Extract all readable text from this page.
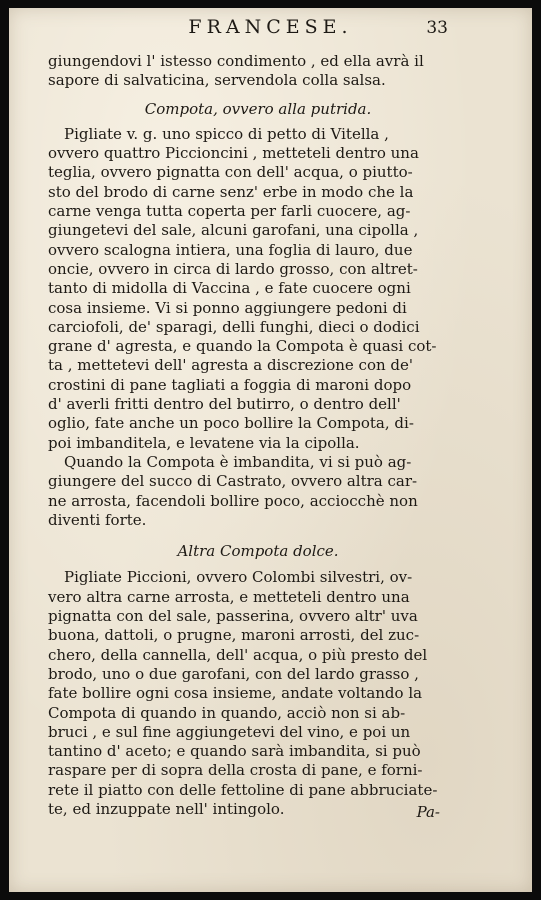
FRANCESE.	33
giungendovi l' istesso condimento , ed ella avrà il
sapore di salvaticina, servendola colla salsa.
Compota, ovvero alla putrida.
Pigliate v. g. uno spicco di petto di Vitella ,
ovvero quattro Piccioncini , metteteli dentro una
teglia, ovvero pignatta con dell' acqua, o piutto-
sto del brodo di carne senz' erbe in modo che la
carne venga tutta coperta per farli cuocere, ag-
giungetevi del sale, alcuni garofani, una cipolla ,
ovvero scalogna intiera, una foglia di lauro, due
oncie, ovvero in circa di lardo grosso, con altret-
tanto di midolla di Vaccina , e fate cuocere ogni
cosa insieme. Vi si ponno aggiungere pedoni di
carciofoli, de' sparagi, delli funghi, dieci o dodici
grane d' agresta, e quando la Compota è quasi cot-
ta , mettetevi dell' agresta a discrezione con de'
crostini di pane tagliati a foggia di maroni dopo
d' averli fritti dentro del butirro, o dentro dell'
oglio, fate anche un poco bollire la Compota, di-
poi imbanditela, e levatene via la cipolla.
Quando la Compota è imbandita, vi si può ag-
giungere del succo di Castrato, ovvero altra car-
ne arrosta, facendoli bollire poco, acciocchè non
diventi forte.
Altra Compota dolce.
Pigliate Piccioni, ovvero Colombi silvestri, ov-
vero altra carne arrosta, e metteteli dentro una
pignatta con del sale, passerina, ovvero altr' uva
buona, dattoli, o prugne, maroni arrosti, del zuc-
chero, della cannella, dell' acqua, o più presto del
brodo, uno o due garofani, con del lardo grasso ,
fate bollire ogni cosa insieme, andate voltando la
Compota di quando in quando, acciò non si ab-
bruci , e sul fine aggiungetevi del vino, e poi un
tantino d' aceto; e quando sarà imbandita, si può
raspare per di sopra della crosta di pane, e forni-
rete il piatto con delle fettoline di pane abbruciate-
te, ed inzuppate nell' intingolo.	Pa-
